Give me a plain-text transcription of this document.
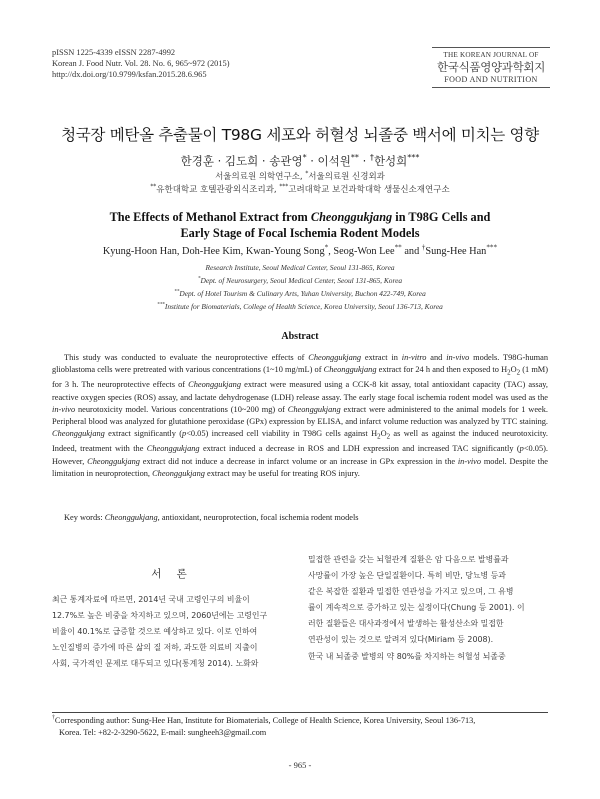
pISSN 1225-4339 eISSN 2287-4992
Korean J. Food Nutr. Vol. 28. No. 6, 965~972 (2015)
http://dx.doi.org/10.9799/ksfan.2015.28.6.965
THE KOREAN JOURNAL OF
한국식품영양과학회지
FOOD AND NUTRITION
청국장 메탄올 추출물이 T98G 세포와 허혈성 뇌졸중 백서에 미치는 영향
한경훈 · 김도희 · 송관영* · 이석원** · †한성희***
서울의료원 의학연구소, *서울의료원 신경외과
**유한대학교 호텔관광외식조리과, ***고려대학교 보건과학대학 생물신소재연구소
The Effects of Methanol Extract from Cheonggukjang in T98G Cells and
Early Stage of Focal Ischemia Rodent Models
Kyung-Hoon Han, Doh-Hee Kim, Kwan-Young Song*, Seog-Won Lee** and †Sung-Hee Han***
Research Institute, Seoul Medical Center, Seoul 131-865, Korea
*Dept. of Neurosurgery, Seoul Medical Center, Seoul 131-865, Korea
**Dept. of Hotel Tourism & Culinary Arts, Yuhan University, Buchon 422-749, Korea
***Institute for Biomaterials, College of Health Science, Korea University, Seoul 136-713, Korea
Abstract

This study was conducted to evaluate the neuroprotective effects of Cheonggukjang extract in in-vitro and in-vivo models. T98G-human glioblastoma cells were pretreated with various concentrations (1~10 mg/mL) of Cheonggukjang extract for 24 h and then exposed to $H_2O_2$ (1 mM) for 3 h. The neuroprotective effects of Cheonggukjang extract were measured using a CCK-8 kit assay, total antioxidant capacity (TAC) assay, reactive oxygen species (ROS) assay, and lactate dehydrogenase (LDH) release assay. The early stage focal ischemia rodent model was used as the in-vivo neurotoxicity model. Various concentrations (10~200 mg) of Cheonggukjang extract were administered to the animal models for 1 week. Peripheral blood was analyzed for glutathione peroxidase (GPx) expression by ELISA, and infarct volume reduction was analyzed by TTC staining. Cheonggukjang extract significantly (p<0.05) increased cell viability in T98G cells against $H_2O_2$ as well as against the induced neurotoxicity. Indeed, treatment with the Cheonggukjang extract induced a decrease in ROS and LDH expression and increased TAC significantly (p<0.05). However, Cheonggukjang extract did not induce a decrease in infarct volume or an increase in GPx expression in the in-vivo model. Despite the limitation in neuroprotection, Cheonggukjang extract may be useful for treating ROS injury.

Key words: Cheonggukjang, antioxidant, neuroprotection, focal ischemia rodent models
서 론
최근 통계자료에 따르면, 2014년 국내 고령인구의 비율이
12.7%로 높은 비중을 차지하고 있으며, 2060년에는 고령인구
비율이 40.1%로 급증할 것으로 예상하고 있다. 이로 인하여
노인질병의 증가에 따른 삶의 질 저하, 과도한 의료비 지출이
사회, 국가적인 문제로 대두되고 있다(통계청 2014). 노화와
밀접한 관련을 갖는 뇌혈관계 질환은 암 다음으로 발병률과
사망률이 가장 높은 단일질환이다. 특히 비만, 당뇨병 등과
같은 복잡한 질환과 밀접한 연관성을 가지고 있으며, 그 유병
률이 계속적으로 증가하고 있는 실정이다(Chung 등 2001). 이
러한 질환들은 대사과정에서 발생하는 활성산소와 밀접한
연관성이 있는 것으로 알려져 있다(Miriam 등 2008).
한국 내 뇌졸중 발병의 약 80%를 차지하는 허혈성 뇌졸중
†Corresponding author: Sung-Hee Han, Institute for Biomaterials, College of Health Science, Korea University, Seoul 136-713,
Korea. Tel: +82-2-3290-5622, E-mail: sungheeh3@gmail.com
- 965 -
